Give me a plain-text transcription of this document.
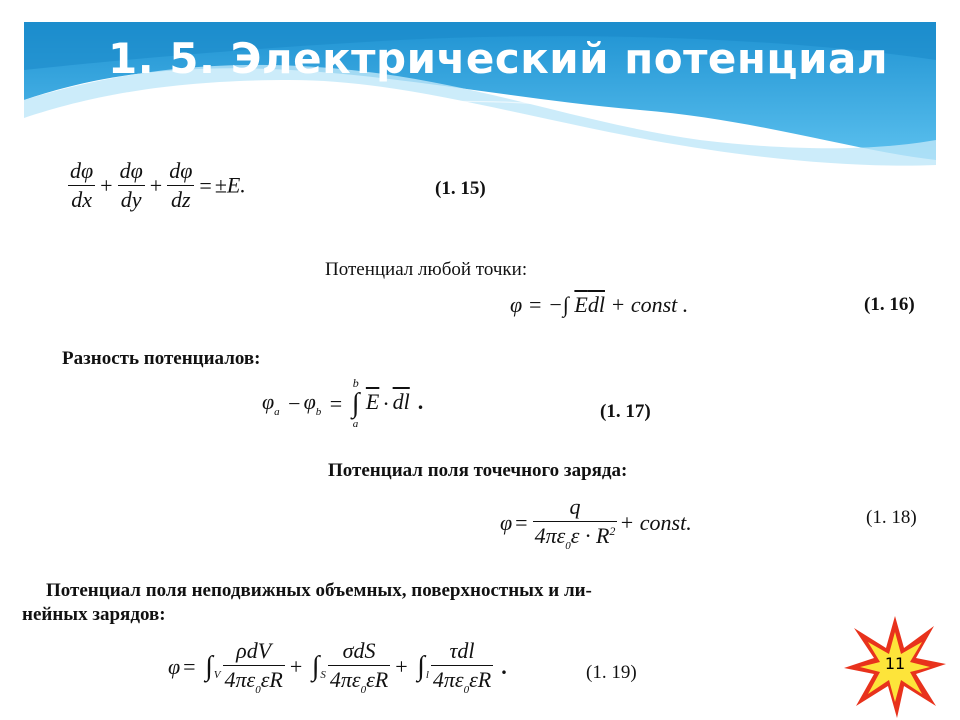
1. 5. Электрический потенциал
$\frac{d\varphi}{dx} + \frac{d\varphi}{dy} + \frac{d\varphi}{dz} = \pm E$.	(1. 15)
Потенциал любой точки:
φ = −∫ $\overline{E}\overline{dl}$ + const .	(1. 16)
Разность потенциалов:
$\varphi_a - \varphi_b$ =
b
∫
a
$\overline{E} \cdot \overline{dl}$ .	(1. 17)
Потенциал поля точечного заряда:
$\varphi = \frac{q}{4\pi\varepsilon_0\varepsilon \cdot R^2}$ + const.	(1. 18)
Потенциал поля неподвижных объемных, поверхностных и ли-
нейных зарядов:
$\varphi = \int_V \frac{\text{ρdV}}{4\pi\varepsilon_0\varepsilon R} + \int_S \frac{\text{σdS}}{4\pi\varepsilon_0\varepsilon R} + \int_l \frac{\text{τdl}}{4\pi\varepsilon_0\varepsilon R}$ .	(1. 19)	11
